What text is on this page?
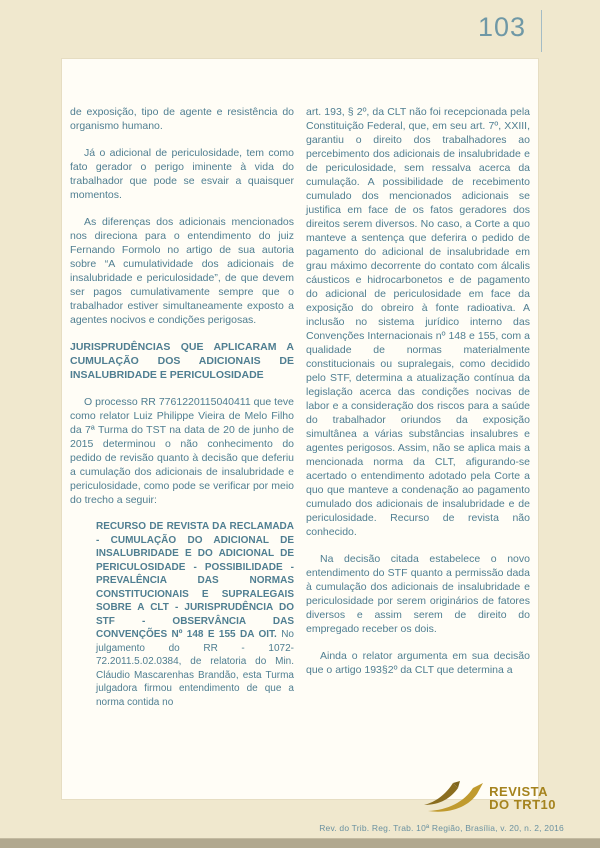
103

de exposição, tipo de agente e resistência do organismo humano.

Já o adicional de periculosidade, tem como fato gerador o perigo iminente à vida do trabalhador que pode se esvair a quaisquer momentos.

As diferenças dos adicionais mencionados nos direciona para o entendimento do juiz Fernando Formolo no artigo de sua autoria sobre “A cumulatividade dos adicionais de insalubridade e periculosidade”, de que devem ser pagos cumulativamente sempre que o trabalhador estiver simultaneamente exposto a agentes nocivos e condições perigosas.

JURISPRUDÊNCIAS QUE APLICARAM A CUMULAÇÃO DOS ADICIONAIS DE INSALUBRIDADE E PERICULOSIDADE

O processo RR 7761220115040411 que teve como relator Luiz Philippe Vieira de Melo Filho da 7ª Turma do TST na data de 20 de junho de 2015 determinou o não conhecimento do pedido de revisão quanto à decisão que deferiu a cumulação dos adicionais de insalubridade e periculosidade, como pode se verificar por meio do trecho a seguir:

RECURSO DE REVISTA DA RECLAMADA - CUMULAÇÃO DO ADICIONAL DE INSALUBRIDADE E DO ADICIONAL DE PERICULOSIDADE - POSSIBILIDADE - PREVALÊNCIA DAS NORMAS CONSTITUCIONAIS E SUPRALEGAIS SOBRE A CLT - JURISPRUDÊNCIA DO STF - OBSERVÂNCIA DAS CONVENÇÕES Nº 148 E 155 DA OIT. No julgamento do RR - 1072-72.2011.5.02.0384, de relatoria do Min. Cláudio Mascarenhas Brandão, esta Turma julgadora firmou entendimento de que a norma contida no

art. 193, § 2º, da CLT não foi recepcionada pela Constituição Federal, que, em seu art. 7º, XXIII, garantiu o direito dos trabalhadores ao percebimento dos adicionais de insalubridade e de periculosidade, sem ressalva acerca da cumulação. A possibilidade de recebimento cumulado dos mencionados adicionais se justifica em face de os fatos geradores dos direitos serem diversos. No caso, a Corte a quo manteve a sentença que deferira o pedido de pagamento do adicional de insalubridade em grau máximo decorrente do contato com álcalis cáusticos e hidrocarbonetos e de pagamento do adicional de periculosidade em face da exposição do obreiro à fonte radioativa. A inclusão no sistema jurídico interno das Convenções Internacionais nº 148 e 155, com a qualidade de normas materialmente constitucionais ou supralegais, como decidido pelo STF, determina a atualização contínua da legislação acerca das condições nocivas de labor e a consideração dos riscos para a saúde do trabalhador oriundos da exposição simultânea a várias substâncias insalubres e agentes perigosos. Assim, não se aplica mais a mencionada norma da CLT, afigurando-se acertado o entendimento adotado pela Corte a quo que manteve a condenação ao pagamento cumulado dos adicionais de insalubridade e de periculosidade. Recurso de revista não conhecido.

Na decisão citada estabelece o novo entendimento do STF quanto a permissão dada à cumulação dos adicionais de insalubridade e periculosidade por serem originários de fatores diversos e assim serem de direito do empregado receber os dois.

Ainda o relator argumenta em sua decisão que o artigo 193§2º da CLT que determina a

REVISTA
DO TRT10
Rev. do Trib. Reg. Trab. 10ª Região, Brasília, v. 20, n. 2, 2016
